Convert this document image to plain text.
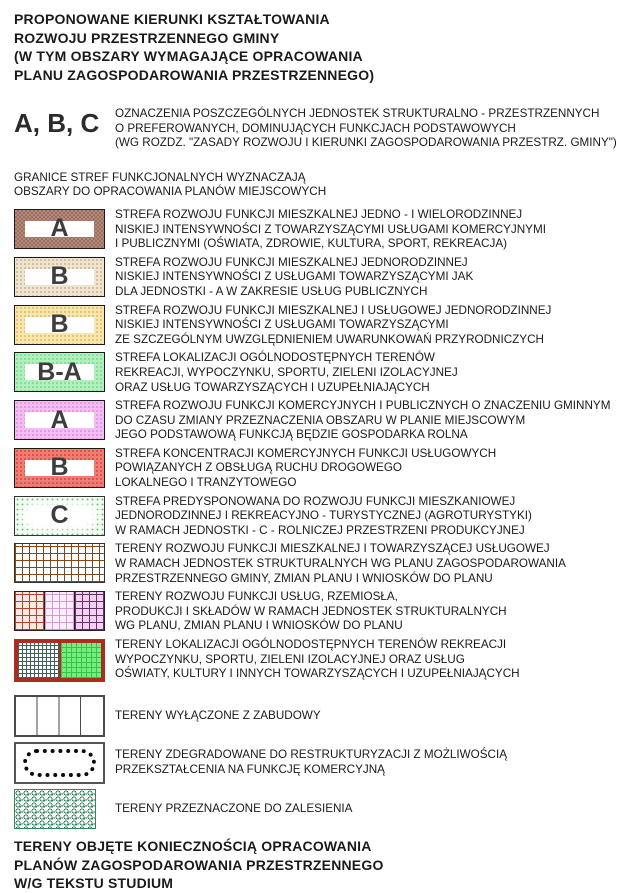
PROPONOWANE KIERUNKI KSZTAŁTOWANIA
ROZWOJU PRZESTRZENNEGO GMINY
(W TYM OBSZARY WYMAGAJĄCE OPRACOWANIA
PLANU ZAGOSPODAROWANIA PRZESTRZENNEGO)
A, B, C	OZNACZENIA POSZCZEGÓLNYCH JEDNOSTEK STRUKTURALNO - PRZESTRZENNYCH
O PREFEROWANYCH, DOMINUJĄCYCH FUNKCJACH PODSTAWOWYCH
(WG ROZDZ. "ZASADY ROZWOJU I KIERUNKI ZAGOSPODAROWANIA PRZESTRZ. GMINY")
GRANICE STREF FUNKCJONALNYCH WYZNACZAJĄ
OBSZARY DO OPRACOWANIA PLANÓW MIEJSCOWYCH
A	STREFA ROZWOJU FUNKCJI MIESZKALNEJ JEDNO - I WIELORODZINNEJ
NISKIEJ INTENSYWNOŚCI Z TOWARZYSZĄCYMI USŁUGAMI KOMERCYJNYMI
I PUBLICZNYMI (OŚWIATA, ZDROWIE, KULTURA, SPORT, REKREACJA)
B	STREFA ROZWOJU FUNKCJI MIESZKALNEJ JEDNORODZINNEJ
NISKIEJ INTENSYWNOŚCI Z USŁUGAMI TOWARZYSZĄCYMI JAK
DLA JEDNOSTKI - A W ZAKRESIE USŁUG PUBLICZNYCH
B	STREFA ROZWOJU FUNKCJI MIESZKALNEJ I USŁUGOWEJ JEDNORODZINNEJ
NISKIEJ INTENSYWNOŚCI Z USŁUGAMI TOWARZYSZĄCYMI
ZE SZCZEGÓLNYM UWZGLĘDNIENIEM UWARUNKOWAŃ PRZYRODNICZYCH
B-A	STREFA LOKALIZACJI OGÓLNODOSTĘPNYCH TERENÓW
REKREACJI, WYPOCZYNKU, SPORTU, ZIELENI IZOLACYJNEJ
ORAZ USŁUG TOWARZYSZĄCYCH I UZUPEŁNIAJĄCYCH
A	STREFA ROZWOJU FUNKCJI KOMERCYJNYCH I PUBLICZNYCH O ZNACZENIU GMINNYM
DO CZASU ZMIANY PRZEZNACZENIA OBSZARU W PLANIE MIEJSCOWYM
JEGO PODSTAWOWĄ FUNKCJĄ BĘDZIE GOSPODARKA ROLNA
B	STREFA KONCENTRACJI KOMERCYJNYCH FUNKCJI USŁUGOWYCH
POWIĄZANYCH Z OBSŁUGĄ RUCHU DROGOWEGO
LOKALNEGO I TRANZYTOWEGO
C	STREFA PREDYSPONOWANA DO ROZWOJU FUNKCJI MIESZKANIOWEJ
JEDNORODZINNEJ I REKREACYJNO - TURYSTYCZNEJ (AGROTURYSTYKI)
W RAMACH JEDNOSTKI - C - ROLNICZEJ PRZESTRZENI PRODUKCYJNEJ
TERENY ROZWOJU FUNKCJI MIESZKALNEJ I TOWARZYSZĄCEJ USŁUGOWEJ
W RAMACH JEDNOSTEK STRUKTURALNYCH WG PLANU ZAGOSPODAROWANIA
PRZESTRZENNEGO GMINY, ZMIAN PLANU I WNIOSKÓW DO PLANU
TERENY ROZWOJU FUNKCJI USŁUG, RZEMIOSŁA,
PRODUKCJI I SKŁADÓW W RAMACH JEDNOSTEK STRUKTURALNYCH
WG PLANU, ZMIAN PLANU I WNIOSKÓW DO PLANU
TERENY LOKALIZACJI OGÓLNODOSTĘPNYCH TERENÓW REKREACJI
WYPOCZYNKU, SPORTU, ZIELENI IZOLACYJNEJ ORAZ USŁUG
OŚWIATY, KULTURY I INNYCH TOWARZYSZĄCYCH I UZUPEŁNIAJĄCYCH
TERENY WYŁĄCZONE Z ZABUDOWY
TERENY ZDEGRADOWANE DO RESTRUKTURYZACJI Z MOŻLIWOŚCIĄ
PRZEKSZTAŁCENIA NA FUNKCJĘ KOMERCYJNĄ
TERENY PRZEZNACZONE DO ZALESIENIA
TERENY OBJĘTE KONIECZNOŚCIĄ OPRACOWANIA
PLANÓW ZAGOSPODAROWANIA PRZESTRZENNEGO
W/G TEKSTU STUDIUM
